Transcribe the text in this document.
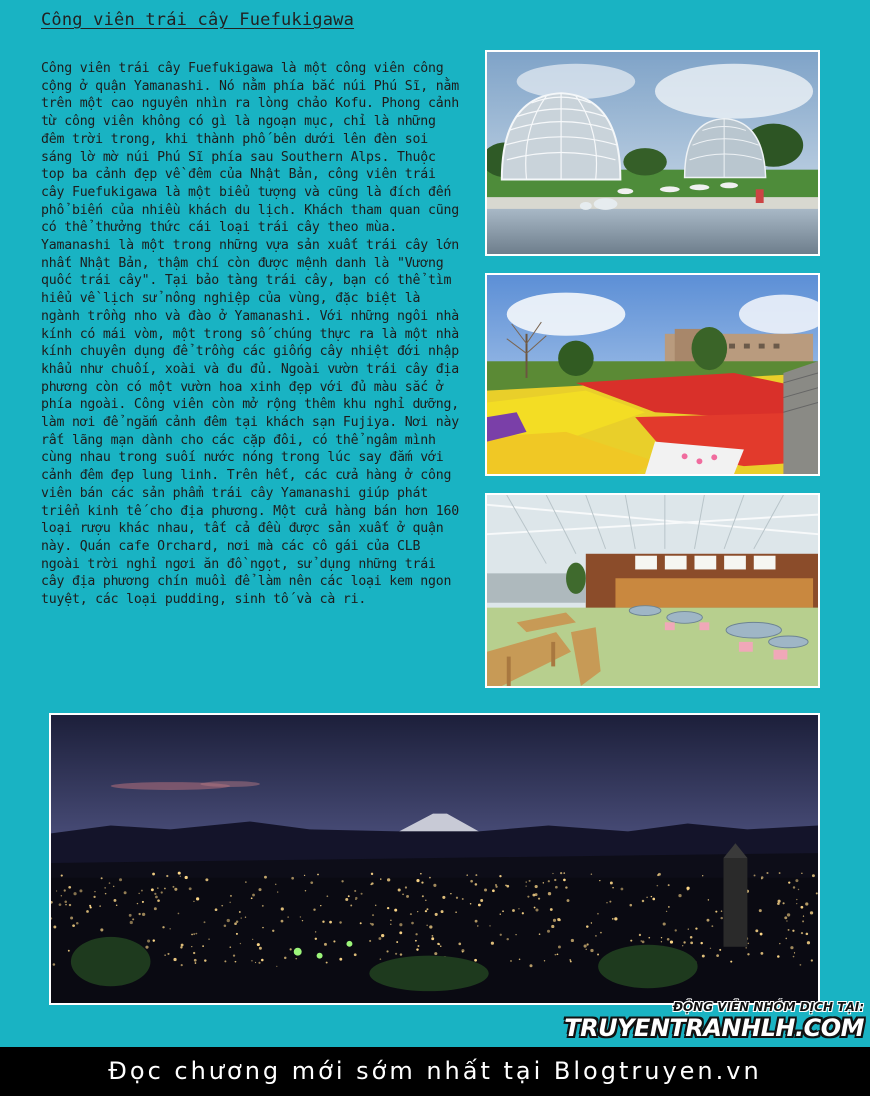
Công viên trái cây Fuefukigawa
Công viên trái cây Fuefukigawa là một công viên công cộng ở quận Yamanashi. Nó nằm phía bắc núi Phú Sĩ, nằm trên một cao nguyên nhìn ra lòng chảo Kofu. Phong cảnh từ công viên không có gì là ngoạn mục, chỉ là những đêm trời trong, khi thành phố bên dưới lên đèn soi sáng lờ mờ núi Phú Sĩ phía sau Southern Alps. Thuộc top ba cảnh đẹp về đêm của Nhật Bản, công viên trái cây Fuefukigawa là một biểu tượng và cũng là đích đến phổ biến của nhiều khách du lịch. Khách tham quan cũng có thể thưởng thức cái loại trái cây theo mùa. Yamanashi là một trong những vựa sản xuất trái cây lớn nhất Nhật Bản, thậm chí còn được mệnh danh là "Vương quốc trái cây". Tại bảo tàng trái cây, bạn có thể tìm hiểu về lịch sử nông nghiệp của vùng, đặc biệt là ngành trồng nho và đào ở Yamanashi. Với những ngôi nhà kính có mái vòm, một trong số chúng thực ra là một nhà kính chuyên dụng để trồng các giống cây nhiệt đới nhập khẩu như chuối, xoài và đu đủ. Ngoài vườn trái cây địa phương còn có một vườn hoa xinh đẹp với đủ màu sắc ở phía ngoài. Công viên còn mở rộng thêm khu nghỉ dưỡng, làm nơi để ngắm cảnh đêm tại khách sạn Fujiya. Nơi này rất lãng mạn dành cho các cặp đôi, có thể ngâm mình cùng nhau trong suối nước nóng trong lúc say đắm với cảnh đêm đẹp lung linh. Trên hết, các cửa hàng ở công viên bán các sản phẩm trái cây Yamanashi giúp phát triển kinh tế cho địa phương. Một cửa hàng bán hơn 160 loại rượu khác nhau, tất cả đều được sản xuất ở quận này. Quán cafe Orchard, nơi mà các cô gái của CLB ngoài trời nghỉ ngơi ăn đồ ngọt, sử dụng những trái cây địa phương chín muồi để làm nên các loại kem ngon tuyệt, các loại pudding, sinh tố và cà ri.
ĐỘNG VIÊN NHÓM DỊCH TẠI:
TRUYENTRANHLH.COM
Đọc chương mới sớm nhất tại Blogtruyen.vn
